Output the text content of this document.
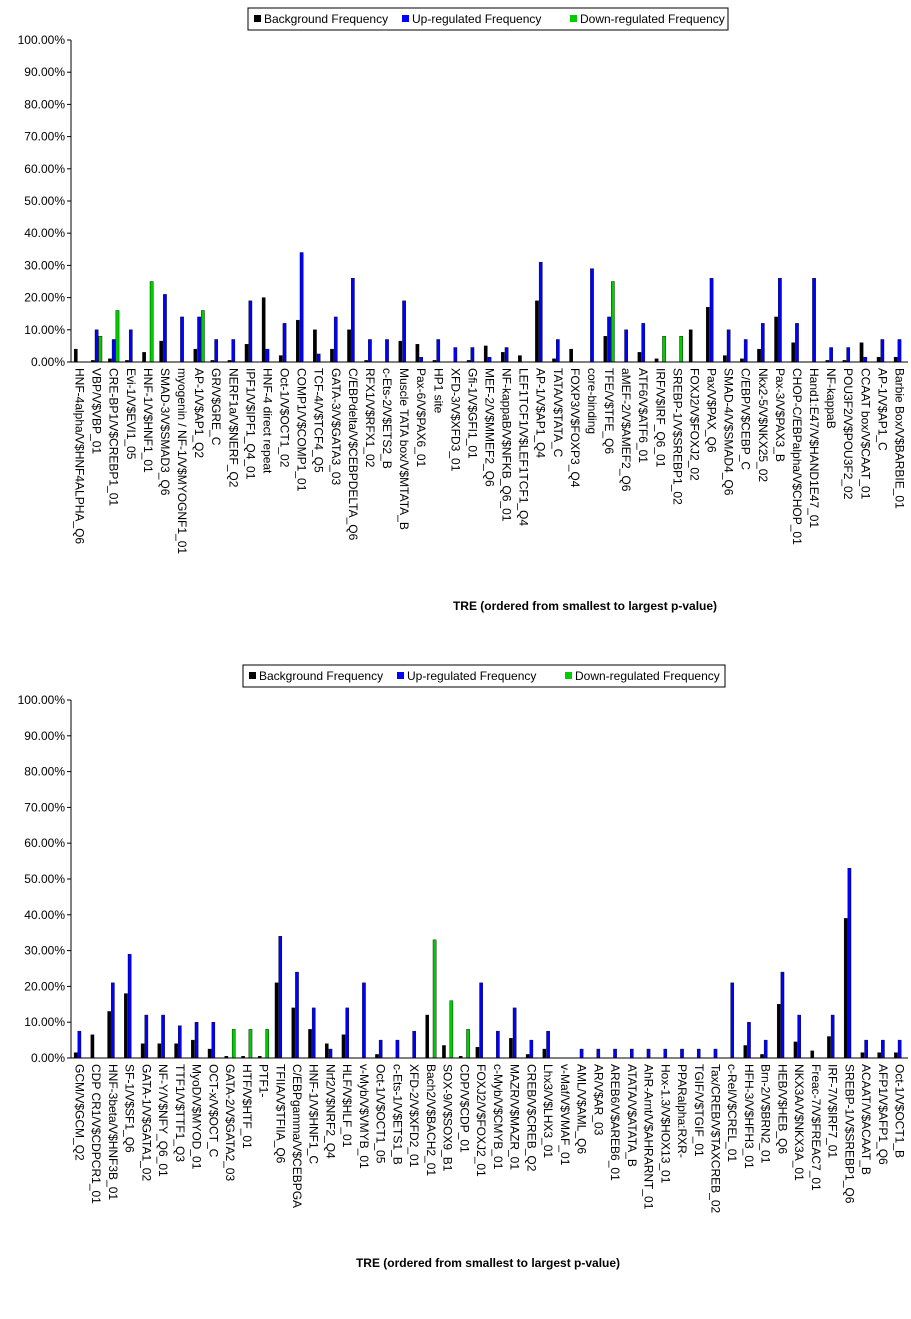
Background Frequency Up-regulated Frequency	Down-regulated Frequency
0.00%
10.00%
20.00%
30.00%
40.00%
50.00%
60.00%
70.00%
80.00%
90.00%
100.00%
HNF-4alpha/V$HNF4ALPHA_Q6 VBP/V$VBP_01 CRE-BP1/V$CREBP1_01 Evi-1/V$EVI1_05 HNF-1/V$HNF1_01 SMAD-3/V$SMAD3_Q6 myogenin / NF-1/V$MYOGNF1_01 AP-1/V$AP1_Q2 GR/V$GRE_C NERF1a/V$NERF_Q2 IPF1/V$IPF1_Q4_01 HNF-4 direct repeat Oct-1/V$OCT1_02 COMP1/V$COMP1_01 TCF-4/V$TCF4_Q5 GATA-3/V$GATA3_03 C/EBPdelta/V$CEBPDELTA_Q6 RFX1/V$RFX1_02 c-Ets-2/V$ETS2_B Muscle TATA box/V$MTATA_B Pax-6/V$PAX6_01 HP1 site XFD-3/V$XFD3_01 Gfi-1/V$GFI1_01 MEF-2/V$MMEF2_Q6 NF-kappaB/V$NFKB_Q6_01 LEF1TCF1/V$LEF1TCF1_Q4 AP-1/V$AP1_Q4 TATA/V$TATA_C FOXP3/V$FOXP3_Q4 core-binding TFE/V$TFE_Q6 aMEF-2/V$AMEF2_Q6 ATF6/V$ATF6_01 IRF/V$IRF_Q6_01 SREBP-1/V$SREBP1_02 FOXJ2/V$FOXJ2_02 Pax/V$PAX_Q6 SMAD-4/V$SMAD4_Q6 C/EBP/V$CEBP_C Nkx2-5/V$NKX25_02 Pax-3/V$PAX3_B CHOP-C/EBPalpha/V$CHOP_01 Hand1:E47/V$HAND1E47_01 NF-kappaB POU3F2/V$POU3F2_02 CCAAT box/V$CAAT_01 AP-1/V$AP1_C Barbie Box/V$BARBIE_01
TRE (ordered from smallest to largest p-value)
Background Frequency Up-regulated Frequency	Down-regulated Frequency
0.00%
10.00%
20.00%
30.00%
40.00%
50.00%
60.00%
70.00%
80.00%
90.00%
100.00%
GCM/V$GCM_Q2 CDP CR1/V$CDPCR1_01 HNF-3beta/V$HNF3B_01 SF-1/V$SF1_Q6 GATA-1/V$GATA1_02 NF-Y/V$NFY_Q6_01 TTF1/V$TTF1_Q3 MyoD/V$MYOD_01 OCT-x/V$OCT_C GATA-2/V$GATA2_03 HTF/V$HTF_01 PTF1- TFIIA/V$TFIIA_Q6 C/EBPgamma/V$CEBPGA HNF-1/V$HNF1_C Nrf2/V$NRF2_Q4 HLF/V$HLF_01 v-Myb/V$VMYB_01 Oct-1/V$OCT1_05 c-Ets-1/V$ETS1_B XFD-2/V$XFD2_01 Bach2/V$BACH2_01 SOX-9/V$SOX9_B1 CDP/V$CDP_01 FOXJ2/V$FOXJ2_01 c-Myb/V$CMYB_01 MAZR/V$MAZR_01 CREB/V$CREB_Q2 Lhx3/V$LHX3_01 v-Maf/V$VMAF_01 AML/V$AML_Q6 AR/V$AR_03 AREB6/V$AREB6_01 ATATA/V$ATATA_B AhR-Arnt/V$AHRARNT_01 Hox-1.3/V$HOX13_01 PPARalpha:RXR- TGIF/V$TGIF_01 Tax/CREB/V$TAXCREB_02 c-Rel/V$CREL_01 HFH-3/V$HFH3_01 Brn-2/V$BRN2_01 HEB/V$HEB_Q6 NKX3A/V$NKX3A_01 Freac-7/V$FREAC7_01 IRF-7/V$IRF7_01 SREBP-1/V$SREBP1_Q6 ACAAT/V$ACAAT_B AFP1/V$AFP1_Q6 Oct-1/V$OCT1_B
TRE (ordered from smallest to largest p-value)
